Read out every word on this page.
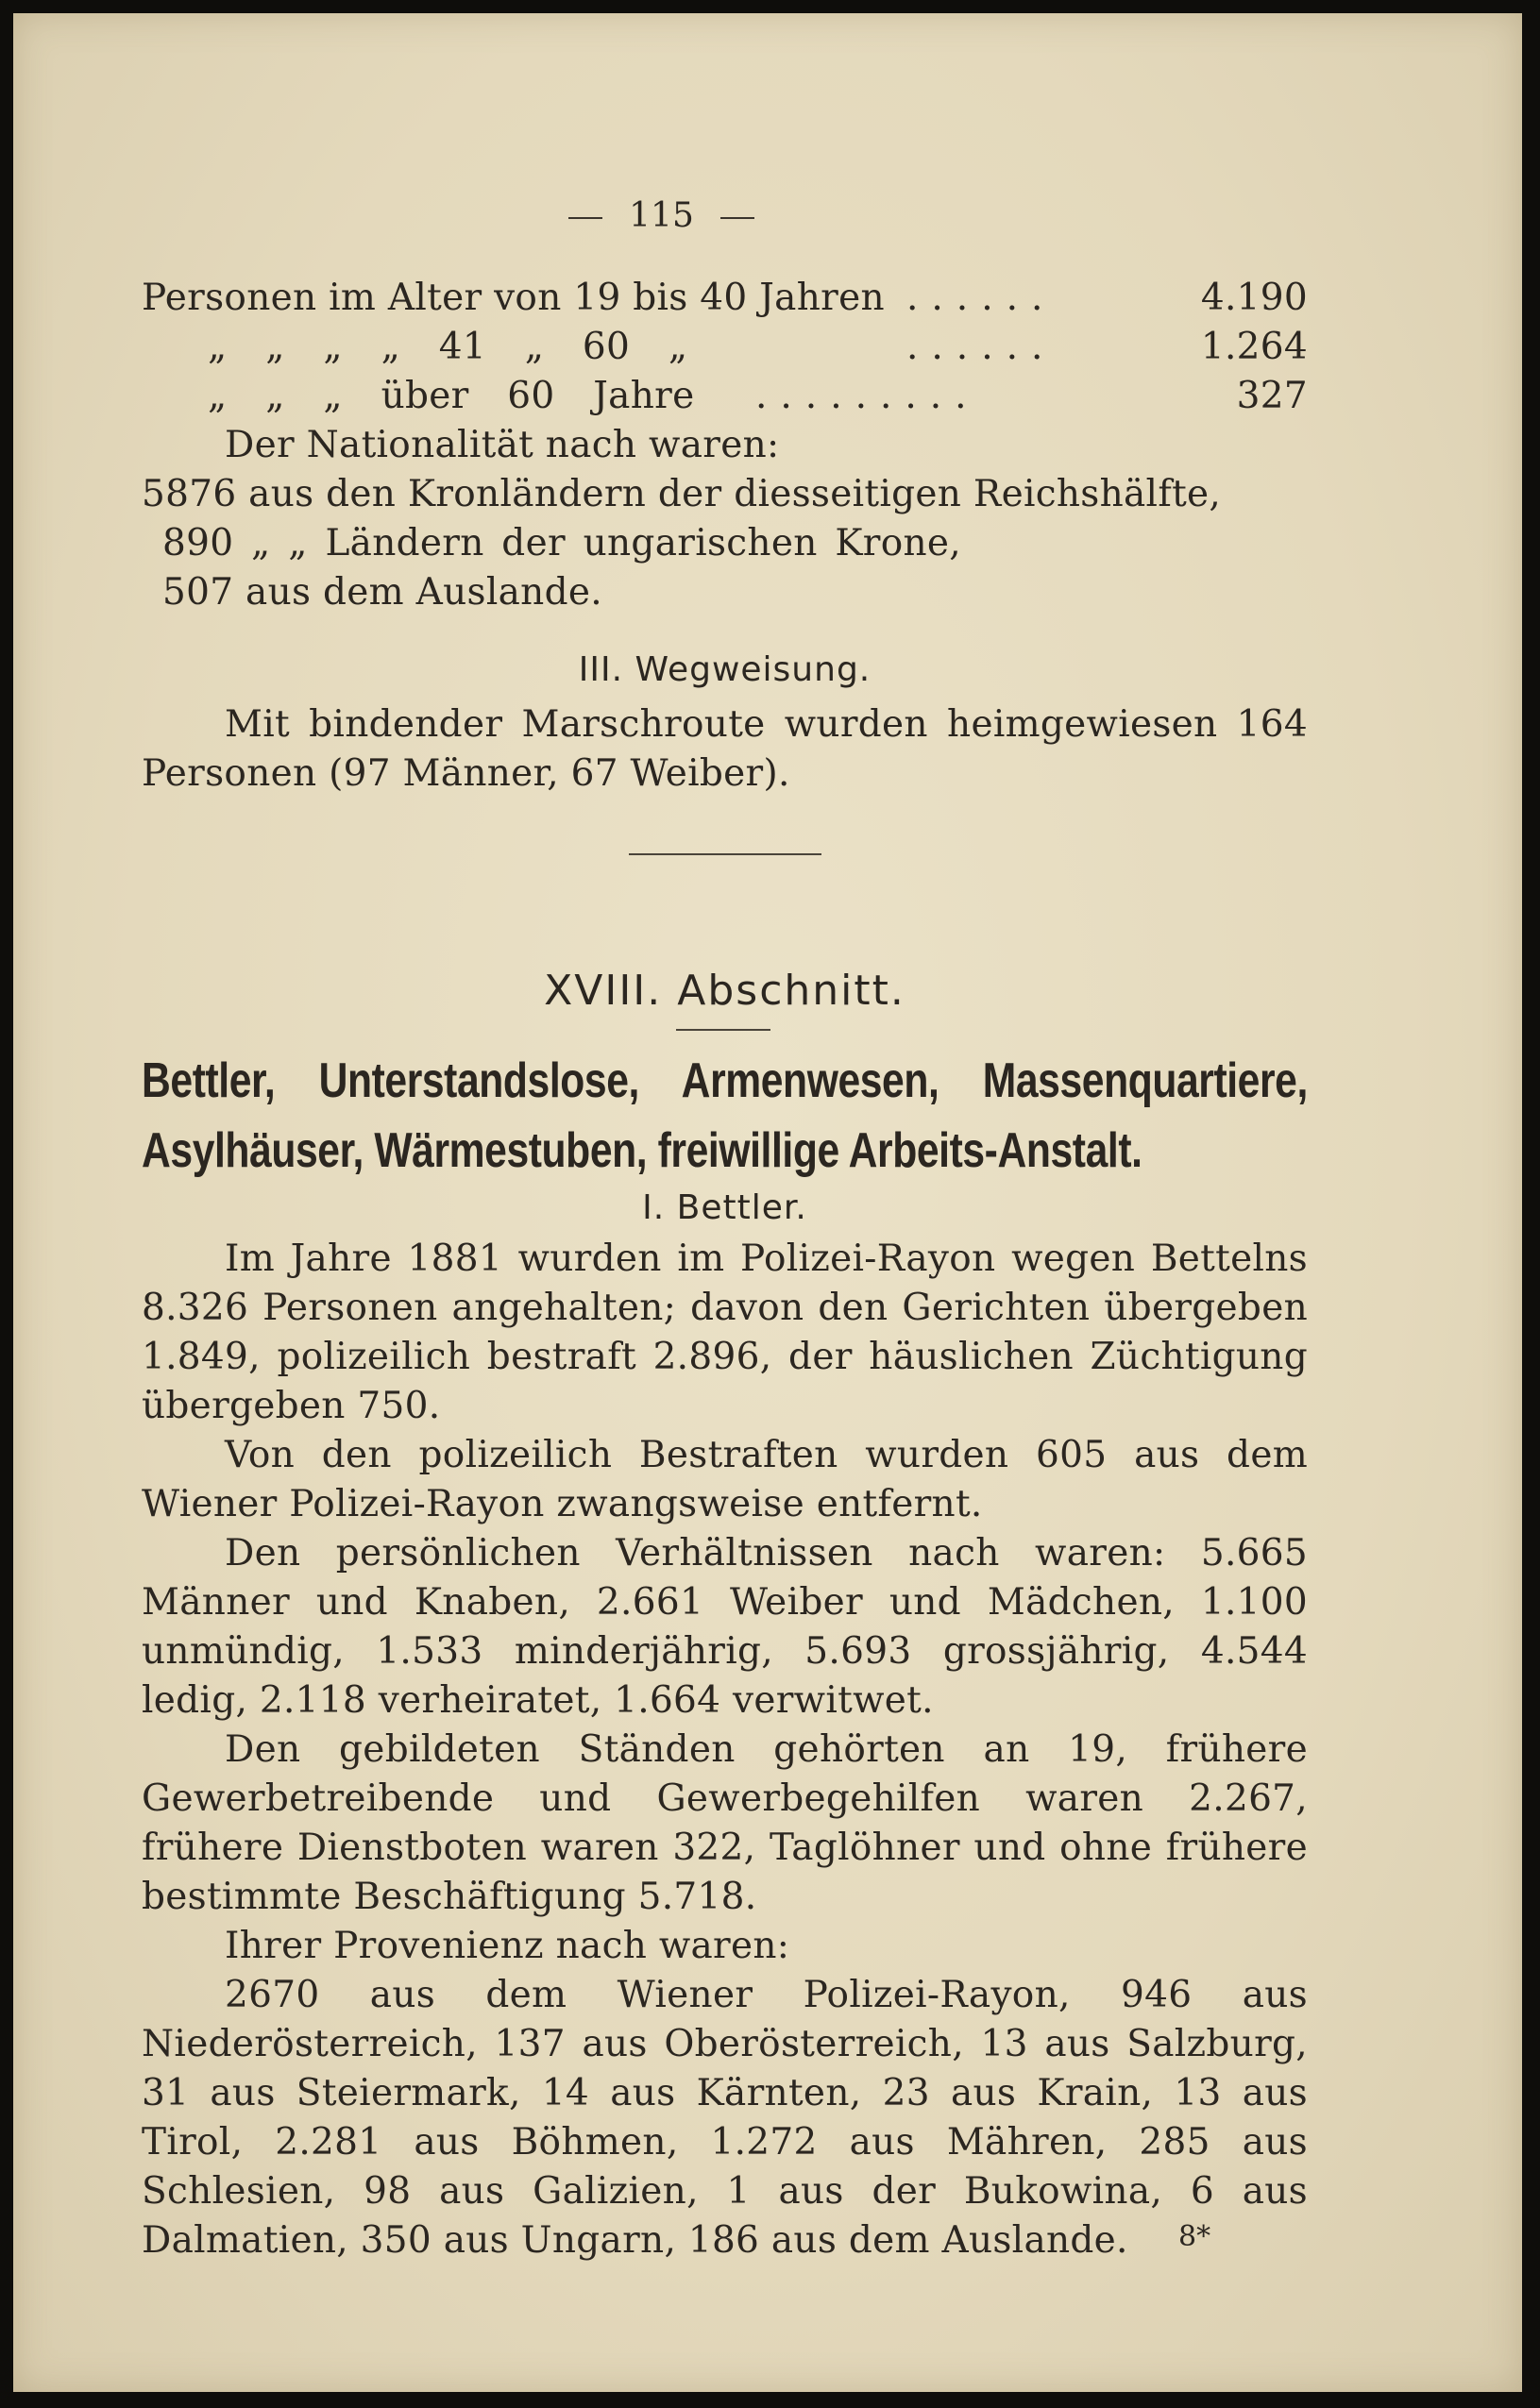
115
Personen im Alter von 19 bis 40 Jahren ......	4.190
„ „ „ „ 41 „ 60 „	......	1.264
„ „ „ über 60 Jahre .........	327
Der Nationalität nach waren:
5876 aus den Kronländern der diesseitigen Reichshälfte,
890 „ „ Ländern der ungarischen Krone,
507 aus dem Auslande.
III. Wegweisung.
Mit bindender Marschroute wurden heimgewiesen 164 Personen (97 Männer, 67 Weiber).
XVIII. Abschnitt.
Bettler, Unterstandslose, Armenwesen, Massenquartiere, Asylhäuser, Wärmestuben, freiwillige Arbeits-Anstalt.
I. Bettler.
Im Jahre 1881 wurden im Polizei-Rayon wegen Bettelns 8.326 Personen angehalten; davon den Gerichten übergeben 1.849, polizeilich bestraft 2.896, der häuslichen Züchtigung übergeben 750.
Von den polizeilich Bestraften wurden 605 aus dem Wiener Polizei-Rayon zwangsweise entfernt.
Den persönlichen Verhältnissen nach waren: 5.665 Männer und Knaben, 2.661 Weiber und Mädchen, 1.100 unmündig, 1.533 minderjährig, 5.693 grossjährig, 4.544 ledig, 2.118 verheiratet, 1.664 verwitwet.
Den gebildeten Ständen gehörten an 19, frühere Gewerbetreibende und Gewerbegehilfen waren 2.267, frühere Dienstboten waren 322, Taglöhner und ohne frühere bestimmte Beschäftigung 5.718.
Ihrer Provenienz nach waren:
2670 aus dem Wiener Polizei-Rayon, 946 aus Niederösterreich, 137 aus Oberösterreich, 13 aus Salzburg, 31 aus Steiermark, 14 aus Kärnten, 23 aus Krain, 13 aus Tirol, 2.281 aus Böhmen, 1.272 aus Mähren, 285 aus Schlesien, 98 aus Galizien, 1 aus der Bukowina, 6 aus Dalmatien, 350 aus Ungarn, 186 aus dem Auslande.	8*
